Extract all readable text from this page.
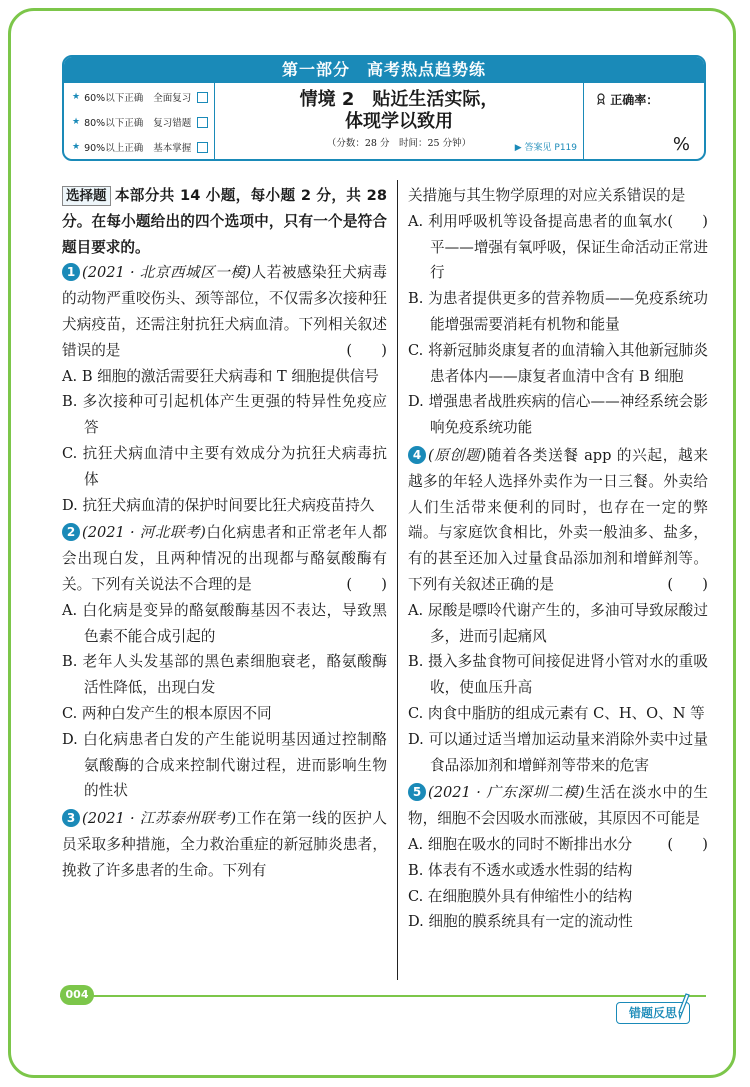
第一部分　高考热点趋势练
★ 60%以下正确 全面复习
★ 80%以下正确 复习错题
★ 90%以上正确 基本掌握
情境 2　贴近生活实际，
体现学以致用
（分数：28 分　时间：25 分钟）	▶ 答案见 P119
正确率：
%

选择题 本部分共 14 小题，每小题 2 分，共 28 分。在每小题给出的四个选项中，只有一个是符合题目要求的。

1 (2021 · 北京西城区一模)人若被感染狂犬病毒的动物严重咬伤头、颈等部位，不仅需多次接种狂犬病疫苗，还需注射抗狂犬病血清。下列相关叙述错误的是	(　　)

A. B 细胞的激活需要狂犬病毒和 T 细胞提供信号

B. 多次接种可引起机体产生更强的特异性免疫应答

C. 抗狂犬病血清中主要有效成分为抗狂犬病毒抗体

D. 抗狂犬病血清的保护时间要比狂犬病疫苗持久

2 (2021 · 河北联考)白化病患者和正常老年人都会出现白发，且两种情况的出现都与酪氨酸酶有关。下列有关说法不合理的是	(　　)

A. 白化病是变异的酪氨酸酶基因不表达，导致黑色素不能合成引起的

B. 老年人头发基部的黑色素细胞衰老，酪氨酸酶活性降低，出现白发

C. 两种白发产生的根本原因不同

D. 白化病患者白发的产生能说明基因通过控制酪氨酸酶的合成来控制代谢过程，进而影响生物的性状

3 (2021 · 江苏泰州联考)工作在第一线的医护人员采取多种措施，全力救治重症的新冠肺炎患者，挽救了许多患者的生命。下列有

关措施与其生物学原理的对应关系错误的是
(　　)

A. 利用呼吸机等设备提高患者的血氧水平——增强有氧呼吸，保证生命活动正常进行

B. 为患者提供更多的营养物质——免疫系统功能增强需要消耗有机物和能量

C. 将新冠肺炎康复者的血清输入其他新冠肺炎患者体内——康复者血清中含有 B 细胞

D. 增强患者战胜疾病的信心——神经系统会影响免疫系统功能

4 (原创题)随着各类送餐 app 的兴起，越来越多的年轻人选择外卖作为一日三餐。外卖给人们生活带来便利的同时，也存在一定的弊端。与家庭饮食相比，外卖一般油多、盐多，有的甚至还加入过量食品添加剂和增鲜剂等。下列有关叙述正确的是	(　　)

A. 尿酸是嘌呤代谢产生的，多油可导致尿酸过多，进而引起痛风

B. 摄入多盐食物可间接促进肾小管对水的重吸收，使血压升高

C. 肉食中脂肪的组成元素有 C、H、O、N 等

D. 可以通过适当增加运动量来消除外卖中过量食品添加剂和增鲜剂等带来的危害

5 (2021 · 广东深圳二模)生活在淡水中的生物，细胞不会因吸水而涨破，其原因不可能是
(　　)

A. 细胞在吸水的同时不断排出水分

B. 体表有不透水或透水性弱的结构

C. 在细胞膜外具有伸缩性小的结构

D. 细胞的膜系统具有一定的流动性

004
错题反思
